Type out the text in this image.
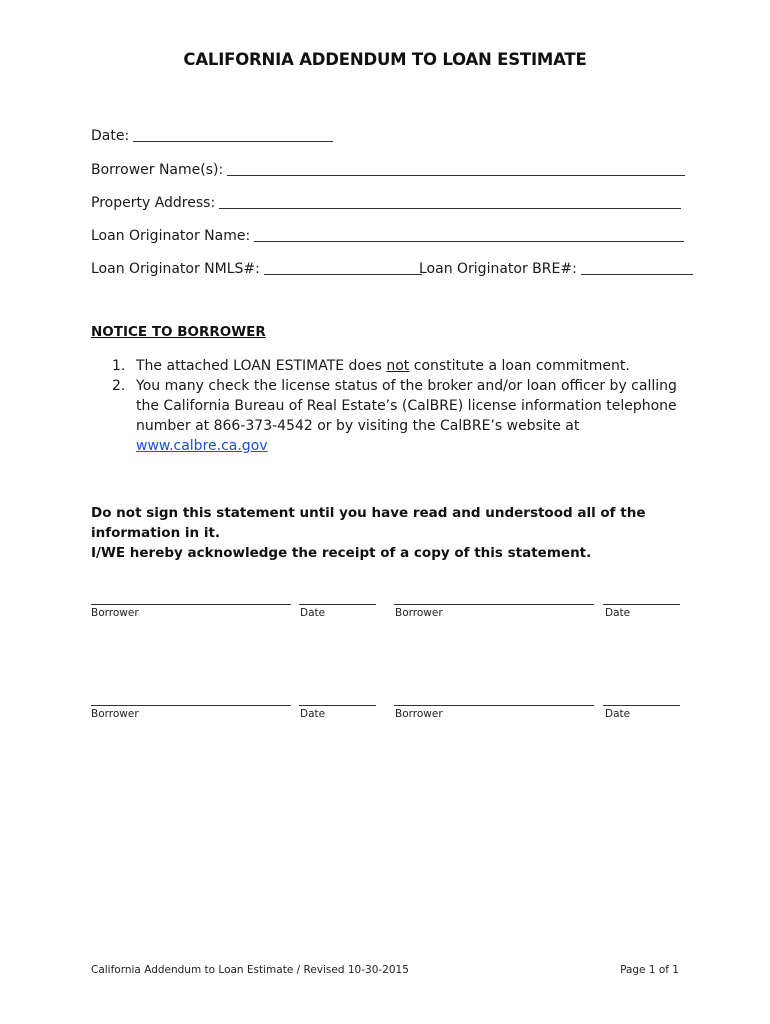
CALIFORNIA ADDENDUM TO LOAN ESTIMATE
Date:
Borrower Name(s):
Property Address:
Loan Originator Name:
Loan Originator NMLS#:	Loan Originator BRE#:
NOTICE TO BORROWER
1. The attached LOAN ESTIMATE does not constitute a loan commitment.
2. You many check the license status of the broker and/or loan officer by calling
the California Bureau of Real Estate’s (CalBRE) license information telephone
number at 866-373-4542 or by visiting the CalBRE’s website at
www.calbre.ca.gov
Do not sign this statement until you have read and understood all of the information in it.
I/WE hereby acknowledge the receipt of a copy of this statement.
Borrower	Date	Borrower	Date
Borrower	Date	Borrower	Date
California Addendum to Loan Estimate / Revised 10-30-2015	Page 1 of 1
